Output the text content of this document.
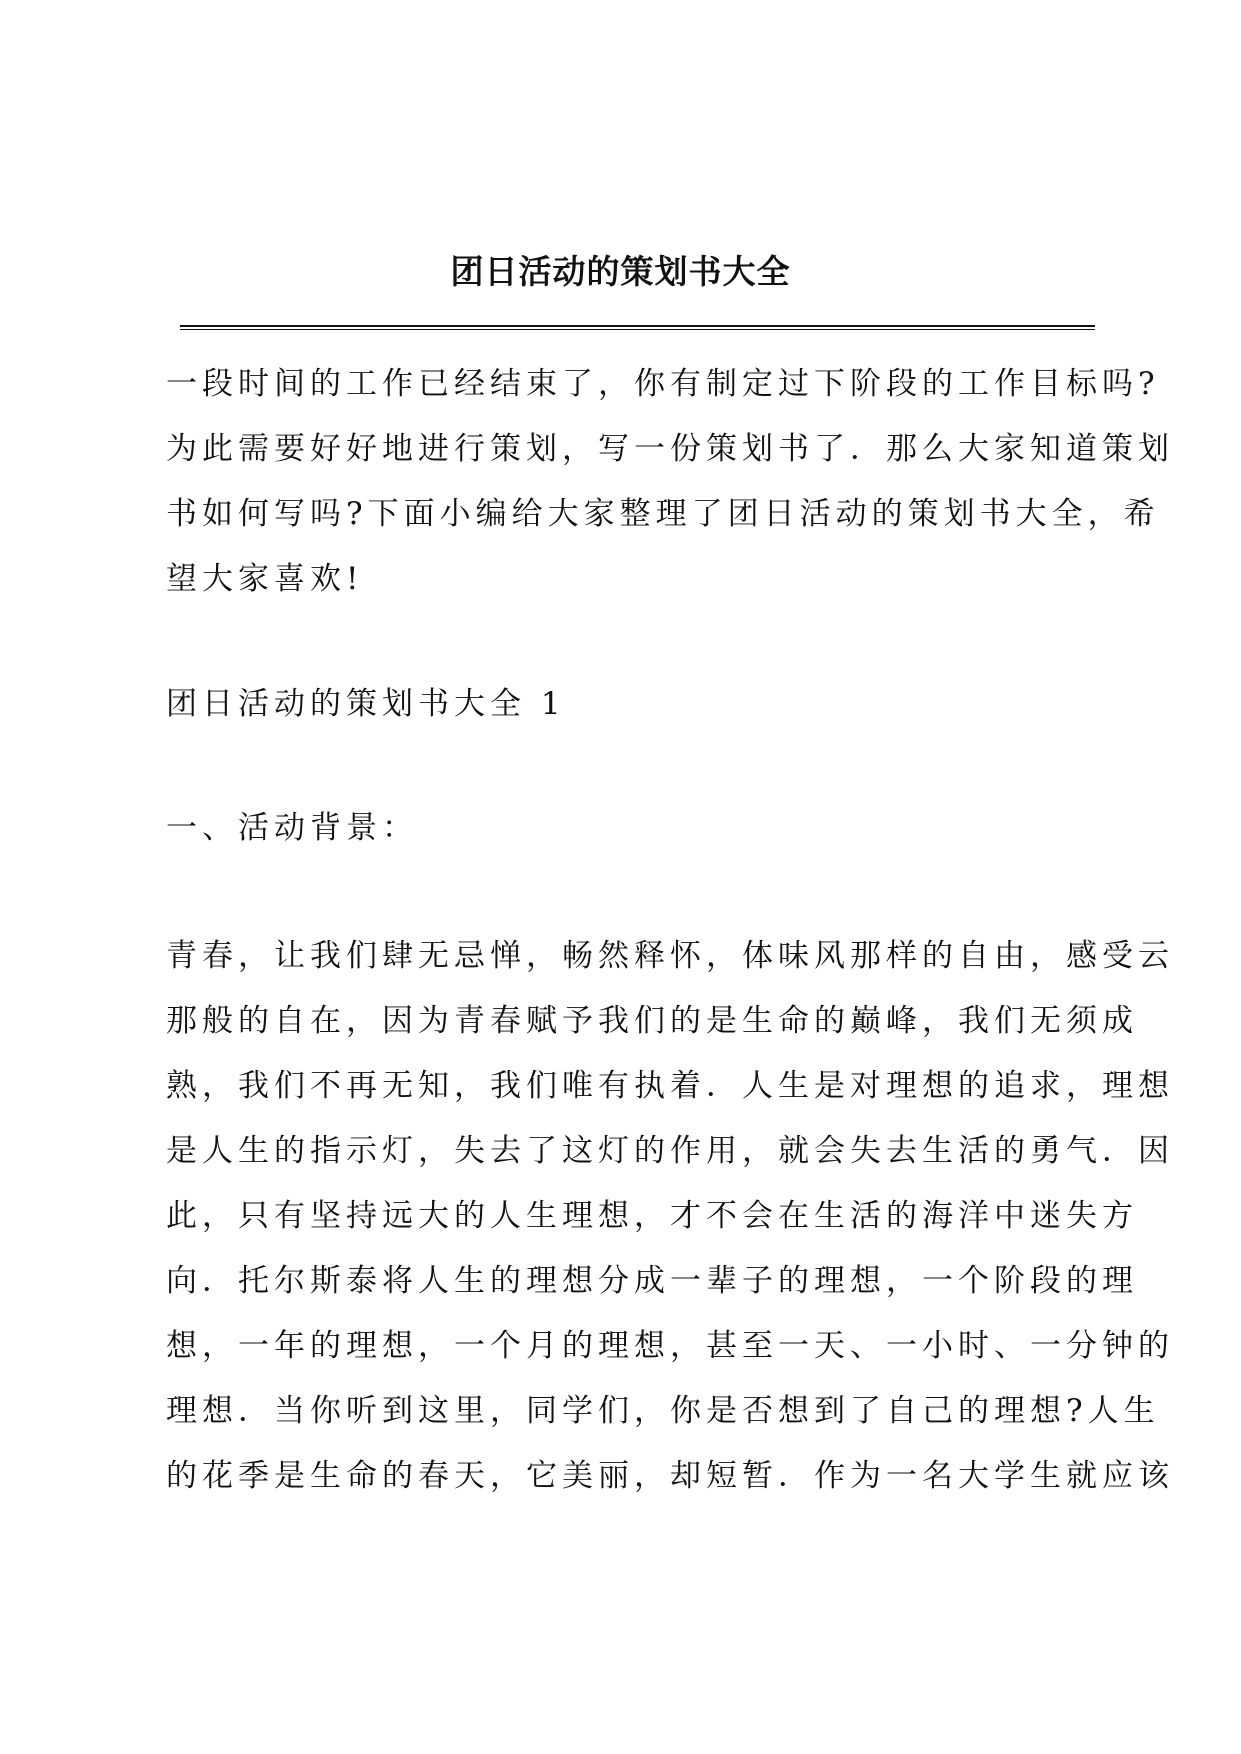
团日活动的策划书大全
一段时间的工作已经结束了，你有制定过下阶段的工作目标吗?
为此需要好好地进行策划，写一份策划书了．那么大家知道策划
书如何写吗?下面小编给大家整理了团日活动的策划书大全，希
望大家喜欢!
团日活动的策划书大全 1
一、活动背景：
青春，让我们肆无忌惮，畅然释怀，体味风那样的自由，感受云
那般的自在，因为青春赋予我们的是生命的巅峰，我们无须成
熟，我们不再无知，我们唯有执着．人生是对理想的追求，理想
是人生的指示灯，失去了这灯的作用，就会失去生活的勇气．因
此，只有坚持远大的人生理想，才不会在生活的海洋中迷失方
向．托尔斯泰将人生的理想分成一辈子的理想，一个阶段的理
想，一年的理想，一个月的理想，甚至一天、一小时、一分钟的
理想．当你听到这里，同学们，你是否想到了自己的理想?人生
的花季是生命的春天，它美丽，却短暂．作为一名大学生就应该
